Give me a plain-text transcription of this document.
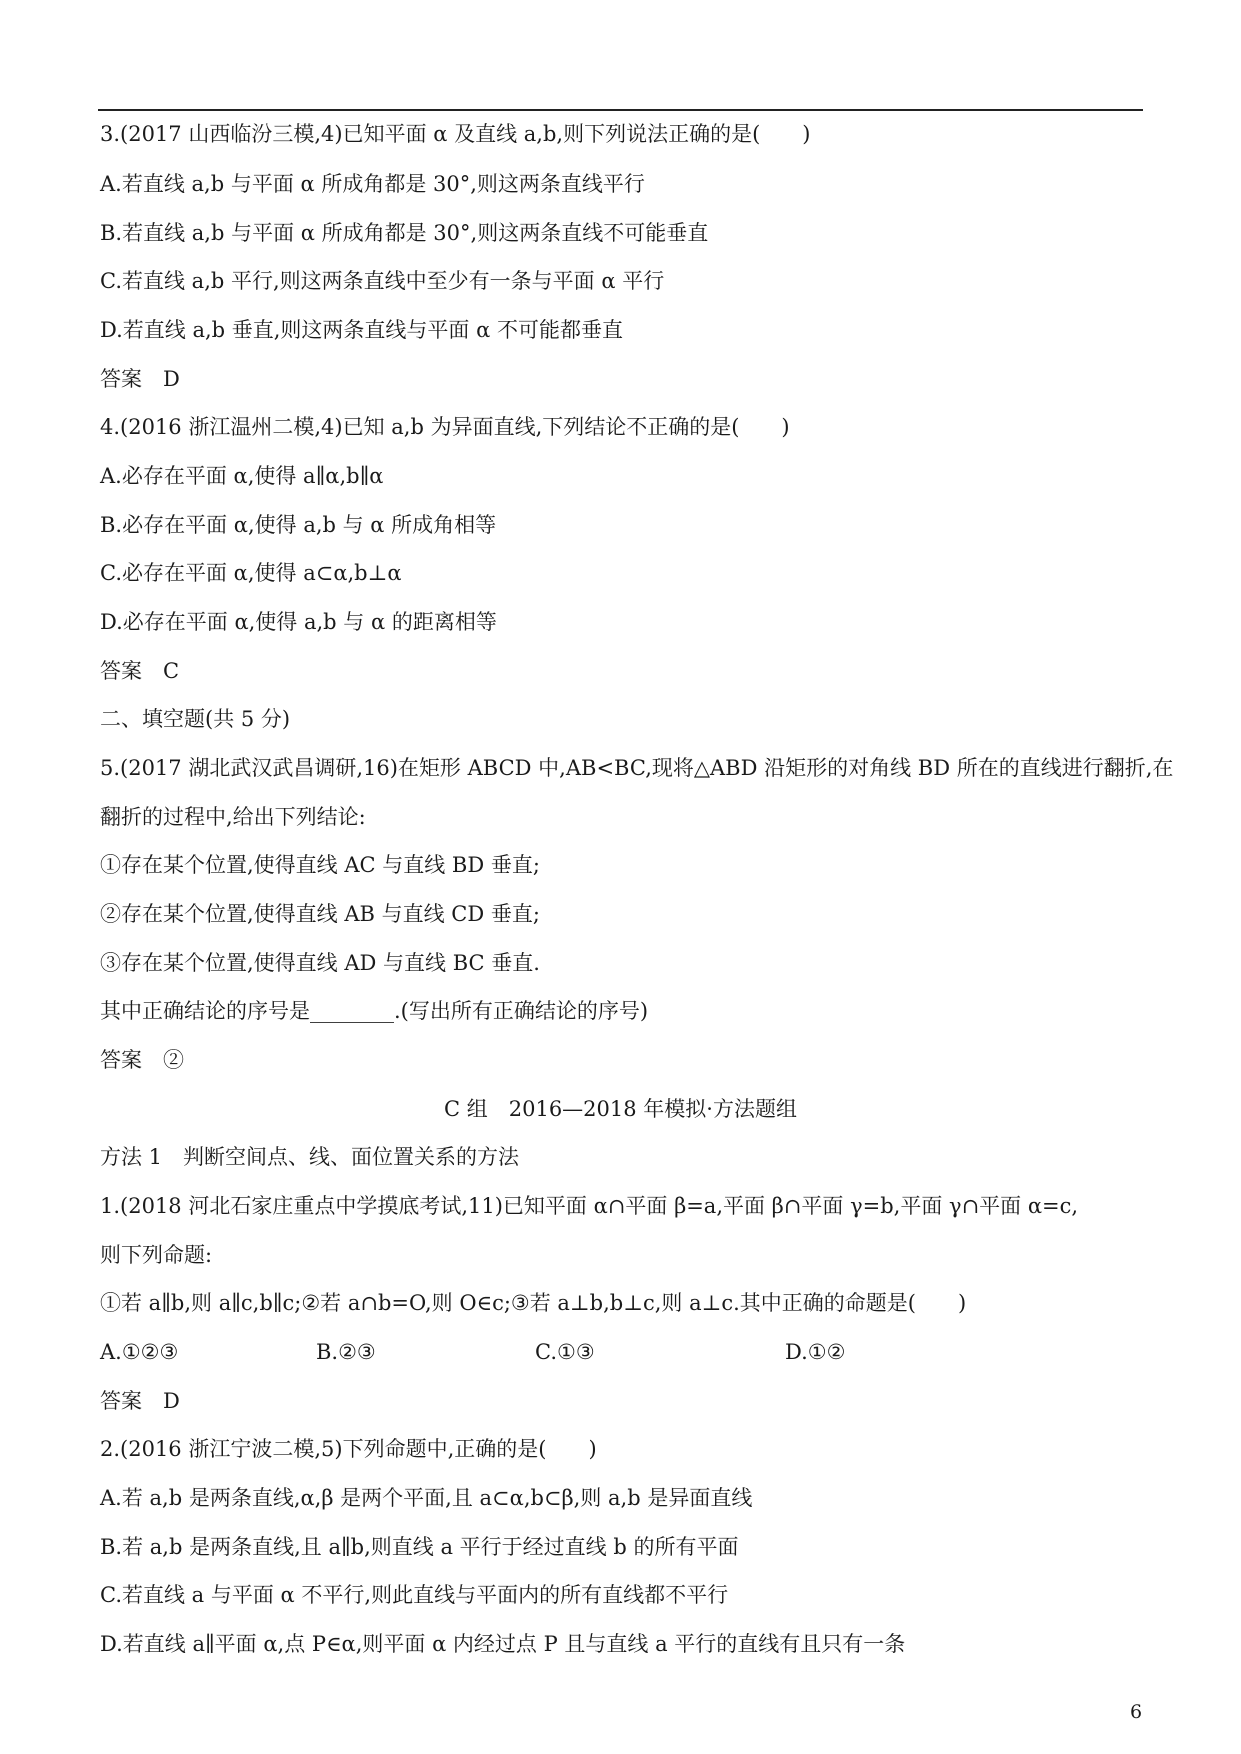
3.(2017 山西临汾三模,4)已知平面 α 及直线 a,b,则下列说法正确的是(　　)
A.若直线 a,b 与平面 α 所成角都是 30°,则这两条直线平行
B.若直线 a,b 与平面 α 所成角都是 30°,则这两条直线不可能垂直
C.若直线 a,b 平行,则这两条直线中至少有一条与平面 α 平行
D.若直线 a,b 垂直,则这两条直线与平面 α 不可能都垂直
答案　D
4.(2016 浙江温州二模,4)已知 a,b 为异面直线,下列结论不正确的是(　　)
A.必存在平面 α,使得 a∥α,b∥α
B.必存在平面 α,使得 a,b 与 α 所成角相等
C.必存在平面 α,使得 a⊂α,b⊥α
D.必存在平面 α,使得 a,b 与 α 的距离相等
答案　C
二、填空题(共 5 分)
5.(2017 湖北武汉武昌调研,16)在矩形 ABCD 中,AB<BC,现将△ABD 沿矩形的对角线 BD 所在的直线进行翻折,在
翻折的过程中,给出下列结论:
①存在某个位置,使得直线 AC 与直线 BD 垂直;
②存在某个位置,使得直线 AB 与直线 CD 垂直;
③存在某个位置,使得直线 AD 与直线 BC 垂直.
其中正确结论的序号是________.(写出所有正确结论的序号)
答案　②
C 组　2016—2018 年模拟·方法题组
方法 1　判断空间点、线、面位置关系的方法
1.(2018 河北石家庄重点中学摸底考试,11)已知平面 α∩平面 β=a,平面 β∩平面 γ=b,平面 γ∩平面 α=c,
则下列命题:
①若 a∥b,则 a∥c,b∥c;②若 a∩b=O,则 O∈c;③若 a⊥b,b⊥c,则 a⊥c.其中正确的命题是(　　)

A.①②③

	B.②③

	C.①③

	D.①②

答案　D
2.(2016 浙江宁波二模,5)下列命题中,正确的是(　　)
A.若 a,b 是两条直线,α,β 是两个平面,且 a⊂α,b⊂β,则 a,b 是异面直线
B.若 a,b 是两条直线,且 a∥b,则直线 a 平行于经过直线 b 的所有平面
C.若直线 a 与平面 α 不平行,则此直线与平面内的所有直线都不平行
D.若直线 a∥平面 α,点 P∈α,则平面 α 内经过点 P 且与直线 a 平行的直线有且只有一条
6
